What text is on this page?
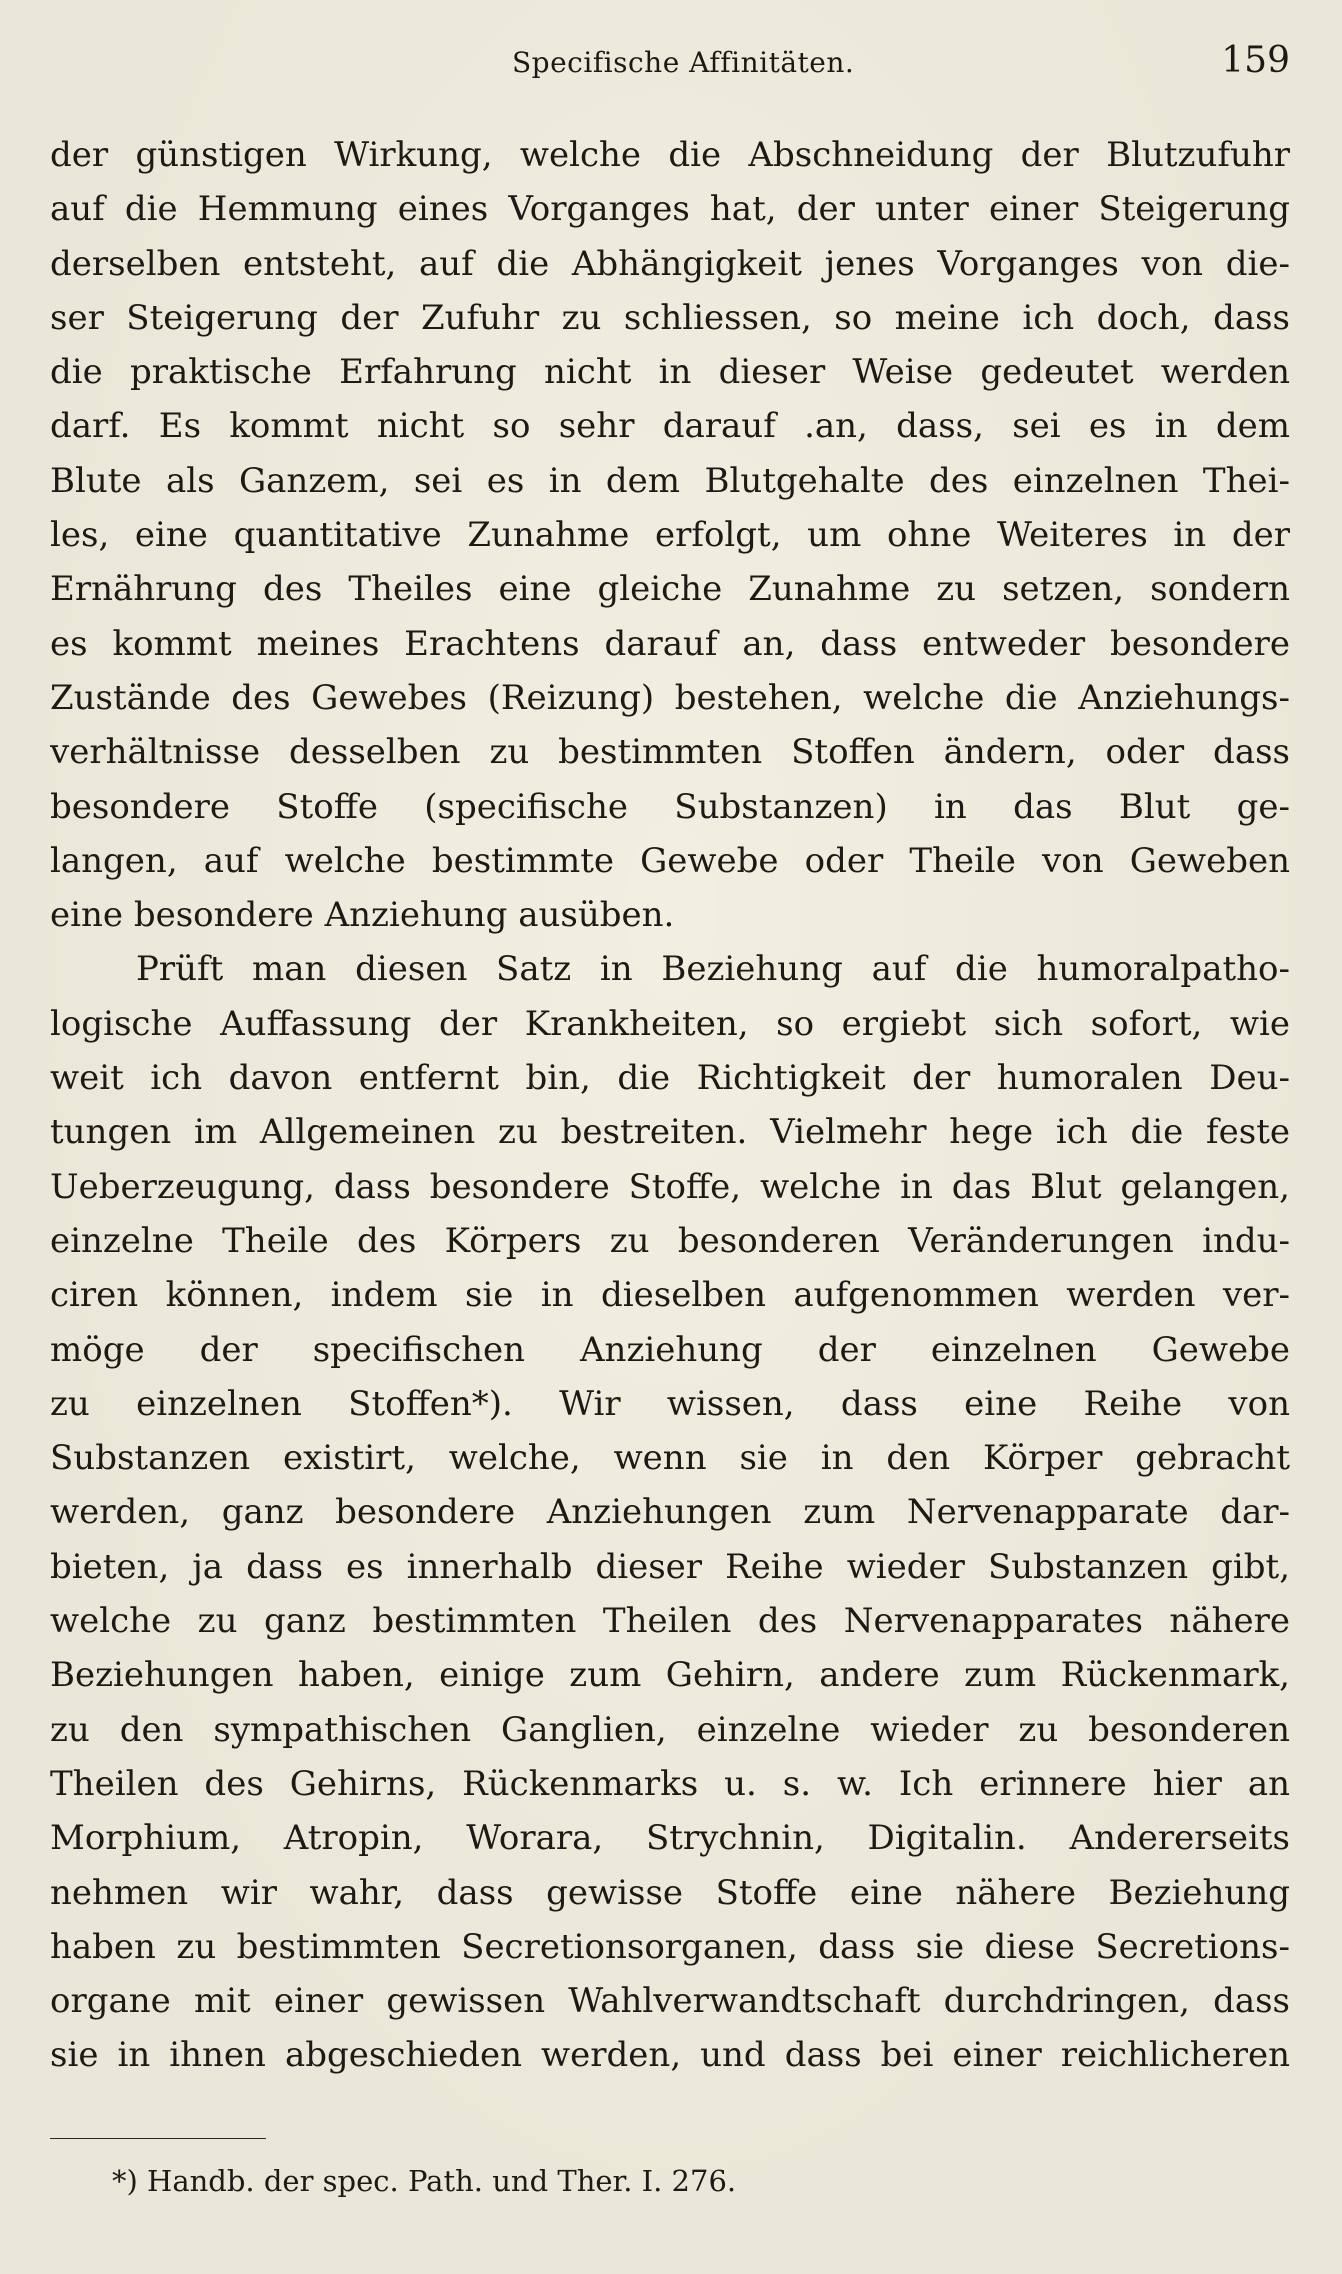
Specifische Affinitäten.	159
der günstigen Wirkung, welche die Abschneidung der Blutzufuhr
auf die Hemmung eines Vorganges hat, der unter einer Steigerung
derselben entsteht, auf die Abhängigkeit jenes Vorganges von die-
ser Steigerung der Zufuhr zu schliessen, so meine ich doch, dass
die praktische Erfahrung nicht in dieser Weise gedeutet werden
darf. Es kommt nicht so sehr darauf .an, dass, sei es in dem
Blute als Ganzem, sei es in dem Blutgehalte des einzelnen Thei-
les, eine quantitative Zunahme erfolgt, um ohne Weiteres in der
Ernährung des Theiles eine gleiche Zunahme zu setzen, sondern
es kommt meines Erachtens darauf an, dass entweder besondere
Zustände des Gewebes (Reizung) bestehen, welche die Anziehungs-
verhältnisse desselben zu bestimmten Stoffen ändern, oder dass
besondere Stoffe (specifische Substanzen) in das Blut ge-
langen, auf welche bestimmte Gewebe oder Theile von Geweben
eine besondere Anziehung ausüben.
Prüft man diesen Satz in Beziehung auf die humoralpatho-
logische Auffassung der Krankheiten, so ergiebt sich sofort, wie
weit ich davon entfernt bin, die Richtigkeit der humoralen Deu-
tungen im Allgemeinen zu bestreiten. Vielmehr hege ich die feste
Ueberzeugung, dass besondere Stoffe, welche in das Blut gelangen,
einzelne Theile des Körpers zu besonderen Veränderungen indu-
ciren können, indem sie in dieselben aufgenommen werden ver-
möge der specifischen Anziehung der einzelnen Gewebe
zu einzelnen Stoffen*). Wir wissen, dass eine Reihe von
Substanzen existirt, welche, wenn sie in den Körper gebracht
werden, ganz besondere Anziehungen zum Nervenapparate dar-
bieten, ja dass es innerhalb dieser Reihe wieder Substanzen gibt,
welche zu ganz bestimmten Theilen des Nervenapparates nähere
Beziehungen haben, einige zum Gehirn, andere zum Rückenmark,
zu den sympathischen Ganglien, einzelne wieder zu besonderen
Theilen des Gehirns, Rückenmarks u. s. w. Ich erinnere hier an
Morphium, Atropin, Worara, Strychnin, Digitalin. Andererseits
nehmen wir wahr, dass gewisse Stoffe eine nähere Beziehung
haben zu bestimmten Secretionsorganen, dass sie diese Secretions-
organe mit einer gewissen Wahlverwandtschaft durchdringen, dass
sie in ihnen abgeschieden werden, und dass bei einer reichlicheren
*) Handb. der spec. Path. und Ther. I. 276.
